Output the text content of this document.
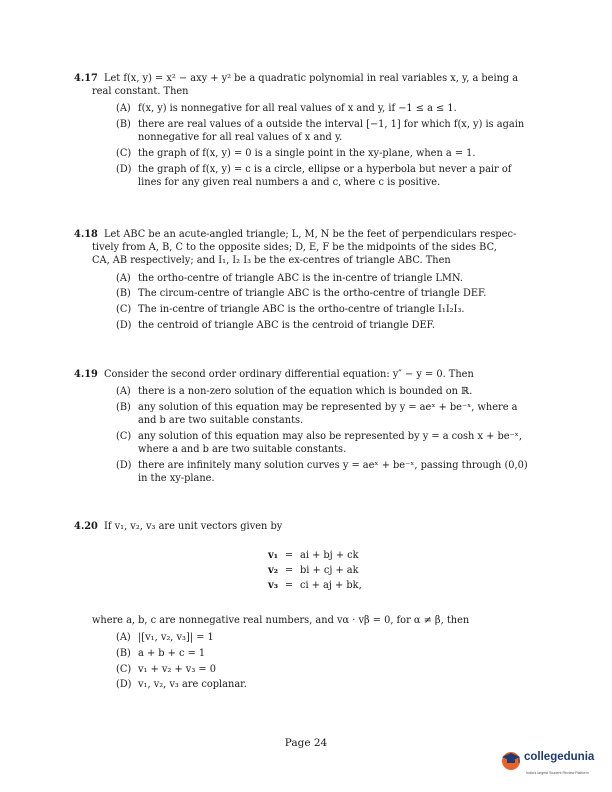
4.17 Let f(x, y) = x² − axy + y² be a quadratic polynomial in real variables x, y, a being a
real constant. Then
(A) f(x, y) is nonnegative for all real values of x and y, if −1 ≤ a ≤ 1.
(B) there are real values of a outside the interval [−1, 1] for which f(x, y) is again
nonnegative for all real values of x and y.
(C) the graph of f(x, y) = 0 is a single point in the xy-plane, when a = 1.
(D) the graph of f(x, y) = c is a circle, ellipse or a hyperbola but never a pair of
lines for any given real numbers a and c, where c is positive.
4.18 Let ABC be an acute-angled triangle; L, M, N be the feet of perpendiculars respec-
tively from A, B, C to the opposite sides; D, E, F be the midpoints of the sides BC,
CA, AB respectively; and I₁, I₂ I₃ be the ex-centres of triangle ABC. Then
(A) the ortho-centre of triangle ABC is the in-centre of triangle LMN.
(B) The circum-centre of triangle ABC is the ortho-centre of triangle DEF.
(C) The in-centre of triangle ABC is the ortho-centre of triangle I₁I₂I₃.
(D) the centroid of triangle ABC is the centroid of triangle DEF.
4.19 Consider the second order ordinary differential equation: y″ − y = 0. Then
(A) there is a non-zero solution of the equation which is bounded on ℝ.
(B) any solution of this equation may be represented by y = aeˣ + be⁻ˣ, where a
and b are two suitable constants.
(C) any solution of this equation may also be represented by y = a cosh x + be⁻ˣ,
where a and b are two suitable constants.
(D) there are infinitely many solution curves y = aeˣ + be⁻ˣ, passing through (0,0)
in the xy-plane.
4.20 If v₁, v₂, v₃ are unit vectors given by
v₁ = ai + bj + ck
v₂ = bi + cj + ak
v₃ = ci + aj + bk,
where a, b, c are nonnegative real numbers, and vα · vβ = 0, for α ≠ β, then
(A) |[v₁, v₂, v₃]| = 1
(B) a + b + c = 1
(C) v₁ + v₂ + v₃ = 0
(D) v₁, v₂, v₃ are coplanar.
Page 24
collegedunia
India's largest Student Review Platform
